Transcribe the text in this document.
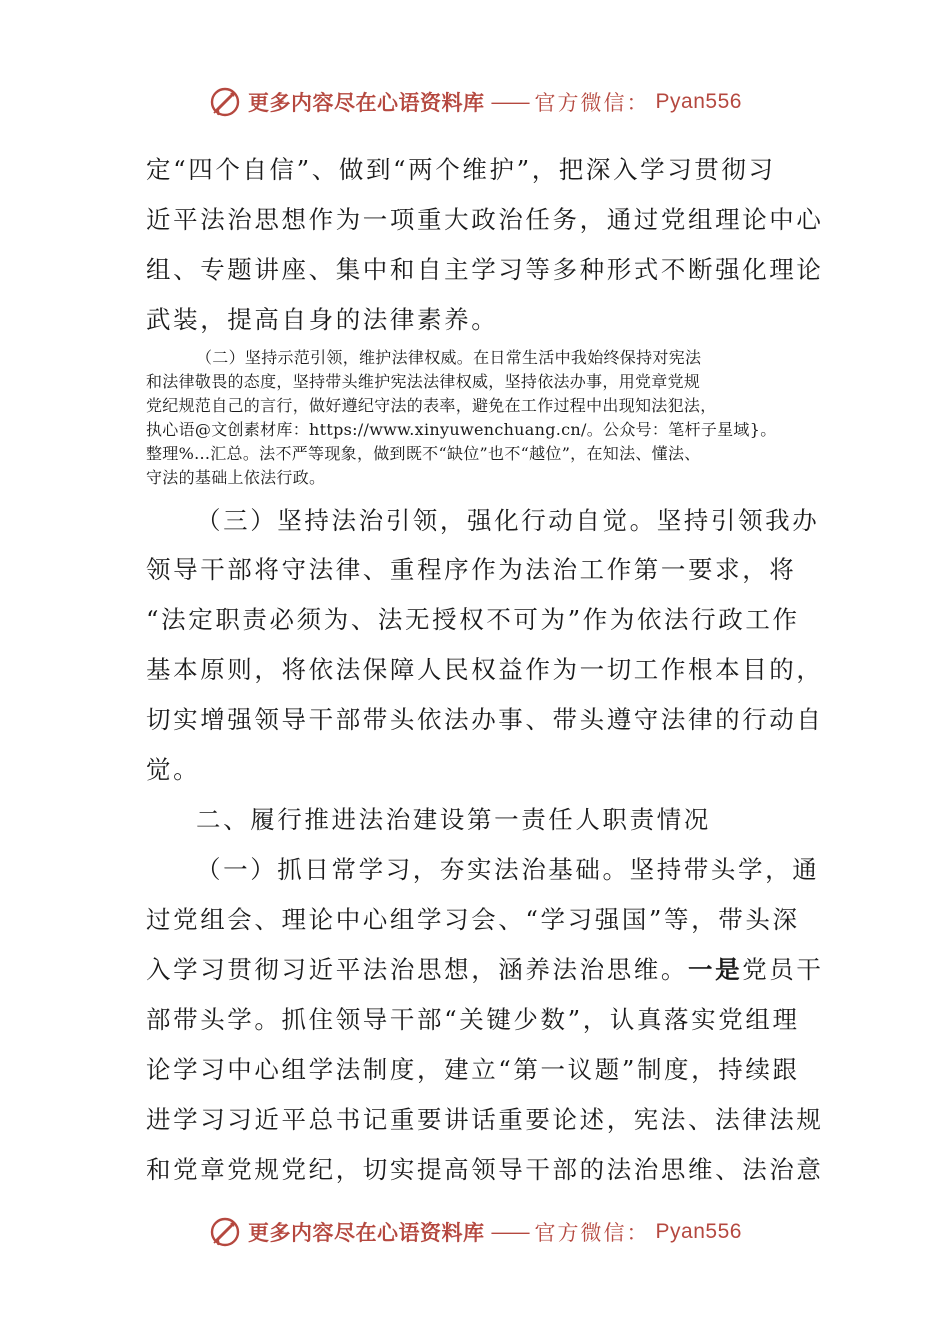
更多内容尽在心语资料库 —— 官方微信： Pyan556
定“四个自信”、做到“两个维护”，把深入学习贯彻习
近平法治思想作为一项重大政治任务，通过党组理论中心
组、专题讲座、集中和自主学习等多种形式不断强化理论
武装，提高自身的法律素养。
（二）坚持示范引领，维护法律权威。在日常生活中我始终保持对宪法
和法律敬畏的态度，坚持带头维护宪法法律权威，坚持依法办事，用党章党规
党纪规范自己的言行，做好遵纪守法的表率，避免在工作过程中出现知法犯法，
执心语@文创素材库：https://www.xinyuwenchuang.cn/。公众号：笔杆子星域}。
整理%...汇总。法不严等现象，做到既不“缺位”也不“越位”，在知法、懂法、
守法的基础上依法行政。
（三）坚持法治引领，强化行动自觉。坚持引领我办
领导干部将守法律、重程序作为法治工作第一要求，将
“法定职责必须为、法无授权不可为”作为依法行政工作
基本原则，将依法保障人民权益作为一切工作根本目的，
切实增强领导干部带头依法办事、带头遵守法律的行动自
觉。
二、履行推进法治建设第一责任人职责情况
（一）抓日常学习，夯实法治基础。坚持带头学，通
过党组会、理论中心组学习会、“学习强国”等，带头深
入学习贯彻习近平法治思想，涵养法治思维。一是党员干
部带头学。抓住领导干部“关键少数”，认真落实党组理
论学习中心组学法制度，建立“第一议题”制度，持续跟
进学习习近平总书记重要讲话重要论述，宪法、法律法规
和党章党规党纪，切实提高领导干部的法治思维、法治意
更多内容尽在心语资料库 —— 官方微信： Pyan556
